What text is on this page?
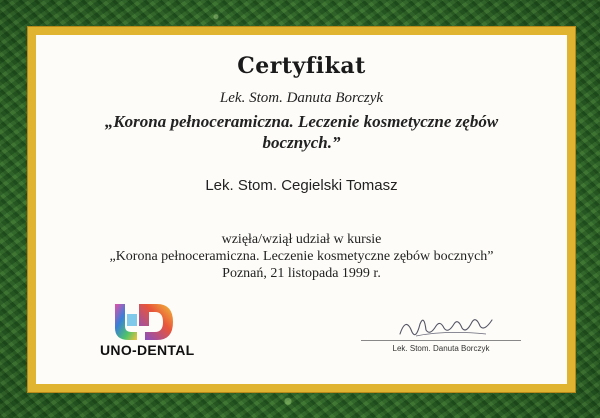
Certyfikat
Lek. Stom. Danuta Borczyk
„Korona pełnoceramiczna. Leczenie kosmetyczne zębów bocznych.”
Lek. Stom. Cegielski Tomasz
wzięła/wziął udział w kursie
„Korona pełnoceramiczna. Leczenie kosmetyczne zębów bocznych”
Poznań, 21 listopada 1999 r.
UNO-DENTAL	Lek. Stom. Danuta Borczyk
